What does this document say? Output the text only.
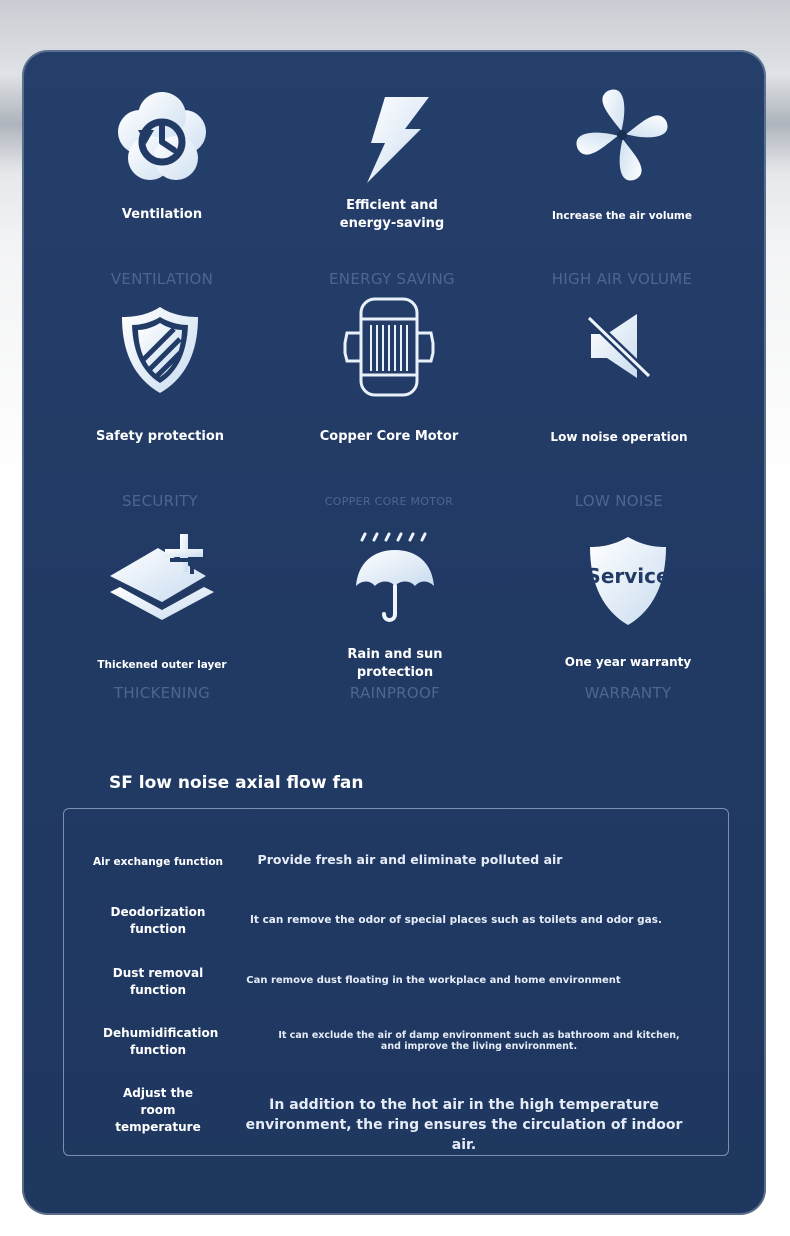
Ventilation
VENTILATION
Efficient and energy-saving
ENERGY SAVING
Increase the air volume
HIGH AIR VOLUME
Safety protection
SECURITY
Copper Core Motor
COPPER CORE MOTOR
Low noise operation
LOW NOISE
Thickened outer layer
THICKENING
Rain and sun protection
RAINPROOF
Service
One year warranty
WARRANTY
SF low noise axial flow fan
Air exchange function	Provide fresh air and eliminate polluted air
Deodorization function
It can remove the odor of special places such as toilets and odor gas.
Dust removal function
Can remove dust floating in the workplace and home environment
Dehumidification function
It can exclude the air of damp environment such as bathroom and kitchen, and improve the living environment.
Adjust the room temperature
In addition to the hot air in the high temperature environment, the ring ensures the circulation of indoor air.
